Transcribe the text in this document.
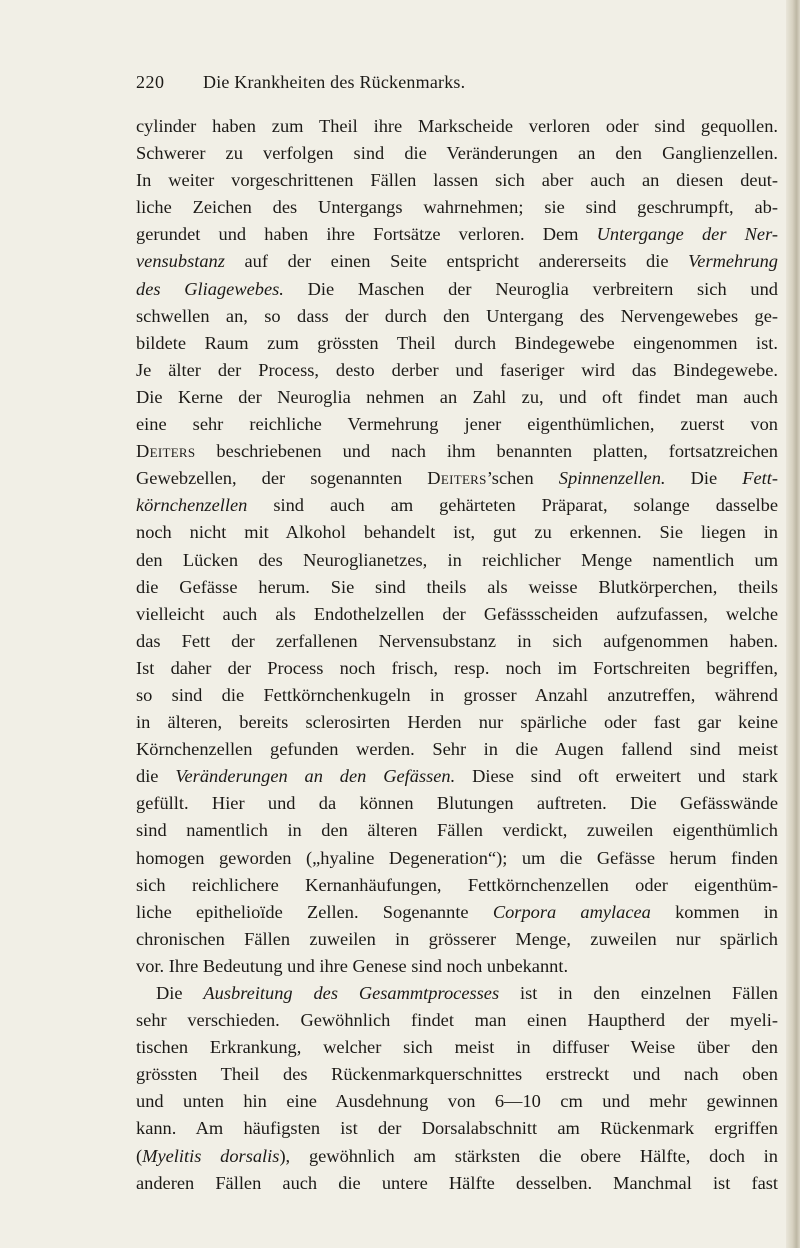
220 Die Krankheiten des Rückenmarks.
cylinder haben zum Theil ihre Markscheide verloren oder sind gequollen.
Schwerer zu verfolgen sind die Veränderungen an den Ganglienzellen.
In weiter vorgeschrittenen Fällen lassen sich aber auch an diesen deut-
liche Zeichen des Untergangs wahrnehmen; sie sind geschrumpft, ab-
gerundet und haben ihre Fortsätze verloren. Dem Untergange der Ner-
vensubstanz auf der einen Seite entspricht andererseits die Vermehrung
des Gliagewebes. Die Maschen der Neuroglia verbreitern sich und
schwellen an, so dass der durch den Untergang des Nervengewebes ge-
bildete Raum zum grössten Theil durch Bindegewebe eingenommen ist.
Je älter der Process, desto derber und faseriger wird das Bindegewebe.
Die Kerne der Neuroglia nehmen an Zahl zu, und oft findet man auch
eine sehr reichliche Vermehrung jener eigenthümlichen, zuerst von
Deiters beschriebenen und nach ihm benannten platten, fortsatzreichen
Gewebzellen, der sogenannten Deiters’schen Spinnenzellen. Die Fett-
körnchenzellen sind auch am gehärteten Präparat, solange dasselbe
noch nicht mit Alkohol behandelt ist, gut zu erkennen. Sie liegen in
den Lücken des Neuroglianetzes, in reichlicher Menge namentlich um
die Gefässe herum. Sie sind theils als weisse Blutkörperchen, theils
vielleicht auch als Endothelzellen der Gefässscheiden aufzufassen, welche
das Fett der zerfallenen Nervensubstanz in sich aufgenommen haben.
Ist daher der Process noch frisch, resp. noch im Fortschreiten begriffen,
so sind die Fettkörnchenkugeln in grosser Anzahl anzutreffen, während
in älteren, bereits sclerosirten Herden nur spärliche oder fast gar keine
Körnchenzellen gefunden werden. Sehr in die Augen fallend sind meist
die Veränderungen an den Gefässen. Diese sind oft erweitert und stark
gefüllt. Hier und da können Blutungen auftreten. Die Gefässwände
sind namentlich in den älteren Fällen verdickt, zuweilen eigenthümlich
homogen geworden („hyaline Degeneration“); um die Gefässe herum finden
sich reichlichere Kernanhäufungen, Fettkörnchenzellen oder eigenthüm-
liche epithelioïde Zellen. Sogenannte Corpora amylacea kommen in
chronischen Fällen zuweilen in grösserer Menge, zuweilen nur spärlich
vor. Ihre Bedeutung und ihre Genese sind noch unbekannt.
Die Ausbreitung des Gesammtprocesses ist in den einzelnen Fällen
sehr verschieden. Gewöhnlich findet man einen Hauptherd der myeli-
tischen Erkrankung, welcher sich meist in diffuser Weise über den
grössten Theil des Rückenmarkquerschnittes erstreckt und nach oben
und unten hin eine Ausdehnung von 6—10 cm und mehr gewinnen
kann. Am häufigsten ist der Dorsalabschnitt am Rückenmark ergriffen
(Myelitis dorsalis), gewöhnlich am stärksten die obere Hälfte, doch in
anderen Fällen auch die untere Hälfte desselben. Manchmal ist fast
